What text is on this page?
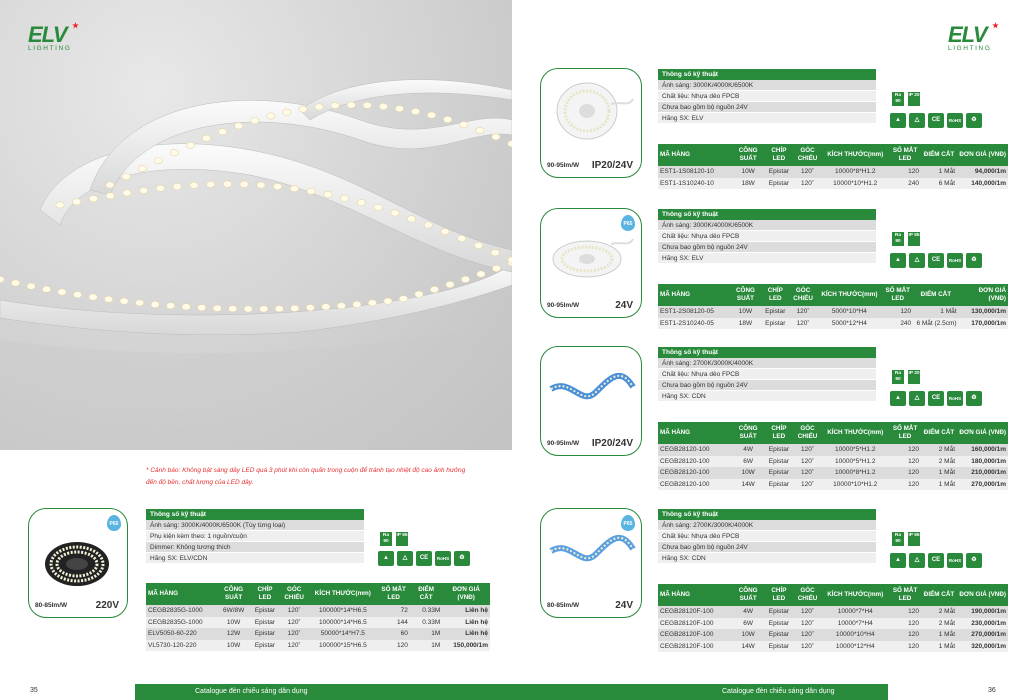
ELV
LIGHTING
* Cảnh báo: Không bật sáng dây LED quá 3 phút khi còn quấn trong cuộn để tránh tạo nhiệt độ cao ảnh hưởng đến độ bền, chất lượng của LED dây.
P65
80-85lm/W	220V
Thông số kỹ thuật
Ánh sáng: 3000K/4000K/6500K (Tùy từng loại)
Phụ kiện kèm theo: 1 nguồn/cuộn
Dimmer: Không tương thích
Hãng SX: ELV/CDN
Ra 90
IP 65
▲	△	CE	RoHS	♻
MÃ HÀNG	CÔNG SUẤT	CHÍP LED	GÓC CHIẾU	KÍCH THƯỚC(mm)	SỐ MẮT LED	ĐIỂM CẮT	ĐƠN GIÁ (VNĐ)
CEGB2835G-1000	6W/8W	Epistar	120˚	100000*14*H6.5	72	0.33M	Liên hệ
CEGB2835G-1000	10W	Epistar	120˚	100000*14*H6.5	144	0.33M	Liên hệ
ELV5050-60-220	12W	Epistar	120˚	50000*14*H7.5	60	1M	Liên hệ
VL5730-120-220	10W	Epistar	120˚	100000*15*H6.5	120	1M	150,000/1m
35	Catalogue đèn chiếu sáng dân dụng
ELV
LIGHTING
90-95lm/W IP20/24V
Thông số kỹ thuật
Ánh sáng: 3000K/4000K/6500K
Chất liệu: Nhựa dẻo FPCB
Chưa bao gồm bộ nguồn 24V
Hãng SX: ELV
Ra 90
IP 20
▲	△	CE	RoHS	♻
MÃ HÀNG	CÔNG SUẤT	CHÍP LED	GÓC CHIẾU	KÍCH THƯỚC(mm)	SỐ MẮT LED	ĐIỂM CẮT	ĐƠN GIÁ (VNĐ)
EST1-1S08120-10	10W	Epistar	120˚	10000*8*H1.2	120	1 Mắt	94,000/1m
EST1-1S10240-10	18W	Epistar	120˚	10000*10*H1.2	240	6 Mắt	140,000/1m
P65
90-95lm/W	24V
Thông số kỹ thuật
Ánh sáng: 3000K/4000K/6500K
Chất liệu: Nhựa dẻo FPCB
Chưa bao gồm bộ nguồn 24V
Hãng SX: ELV
Ra 90
IP 65
▲	△	CE	RoHS	♻
MÃ HÀNG	CÔNG SUẤT	CHÍP LED	GÓC CHIẾU	KÍCH THƯỚC(mm)	SỐ MẮT LED	ĐIỂM CẮT	ĐƠN GIÁ (VNĐ)
EST1-2S08120-05	10W	Epistar	120˚	5000*10*H4	120	1 Mắt	130,000/1m
EST1-2S10240-05	18W	Epistar	120˚	5000*12*H4	240	6 Mắt (2.5cm)	170,000/1m
90-95lm/W IP20/24V
Thông số kỹ thuật
Ánh sáng: 2700K/3000K/4000K
Chất liệu: Nhựa dẻo FPCB
Chưa bao gồm bộ nguồn 24V
Hãng SX: CDN
Ra 90
IP 20
▲	△	CE	RoHS	♻
MÃ HÀNG	CÔNG SUẤT	CHÍP LED	GÓC CHIẾU	KÍCH THƯỚC(mm)	SỐ MẮT LED	ĐIỂM CẮT	ĐƠN GIÁ (VNĐ)
CEGB28120-100	4W	Epistar	120˚	10000*5*H1.2	120	2 Mắt	160,000/1m
CEGB28120-100	6W	Epistar	120˚	10000*5*H1.2	120	2 Mắt	180,000/1m
CEGB28120-100	10W	Epistar	120˚	10000*8*H1.2	120	1 Mắt	210,000/1m
CEGB28120-100	14W	Epistar	120˚	10000*10*H1.2	120	1 Mắt	270,000/1m
P65
80-85lm/W	24V
Thông số kỹ thuật
Ánh sáng: 2700K/3000K/4000K
Chất liệu: Nhựa dẻo FPCB
Chưa bao gồm bộ nguồn 24V
Hãng SX: CDN
Ra 90
IP 65
▲	△	CE	RoHS	♻
MÃ HÀNG	CÔNG SUẤT	CHÍP LED	GÓC CHIẾU	KÍCH THƯỚC(mm)	SỐ MẮT LED	ĐIỂM CẮT	ĐƠN GIÁ (VNĐ)
CEGB28120F-100	4W	Epistar	120˚	10000*7*H4	120	2 Mắt	190,000/1m
CEGB28120F-100	6W	Epistar	120˚	10000*7*H4	120	2 Mắt	230,000/1m
CEGB28120F-100	10W	Epistar	120˚	10000*10*H4	120	1 Mắt	270,000/1m
CEGB28120F-100	14W	Epistar	120˚	10000*12*H4	120	1 Mắt	320,000/1m
Catalogue đèn chiếu sáng dân dụng	36
